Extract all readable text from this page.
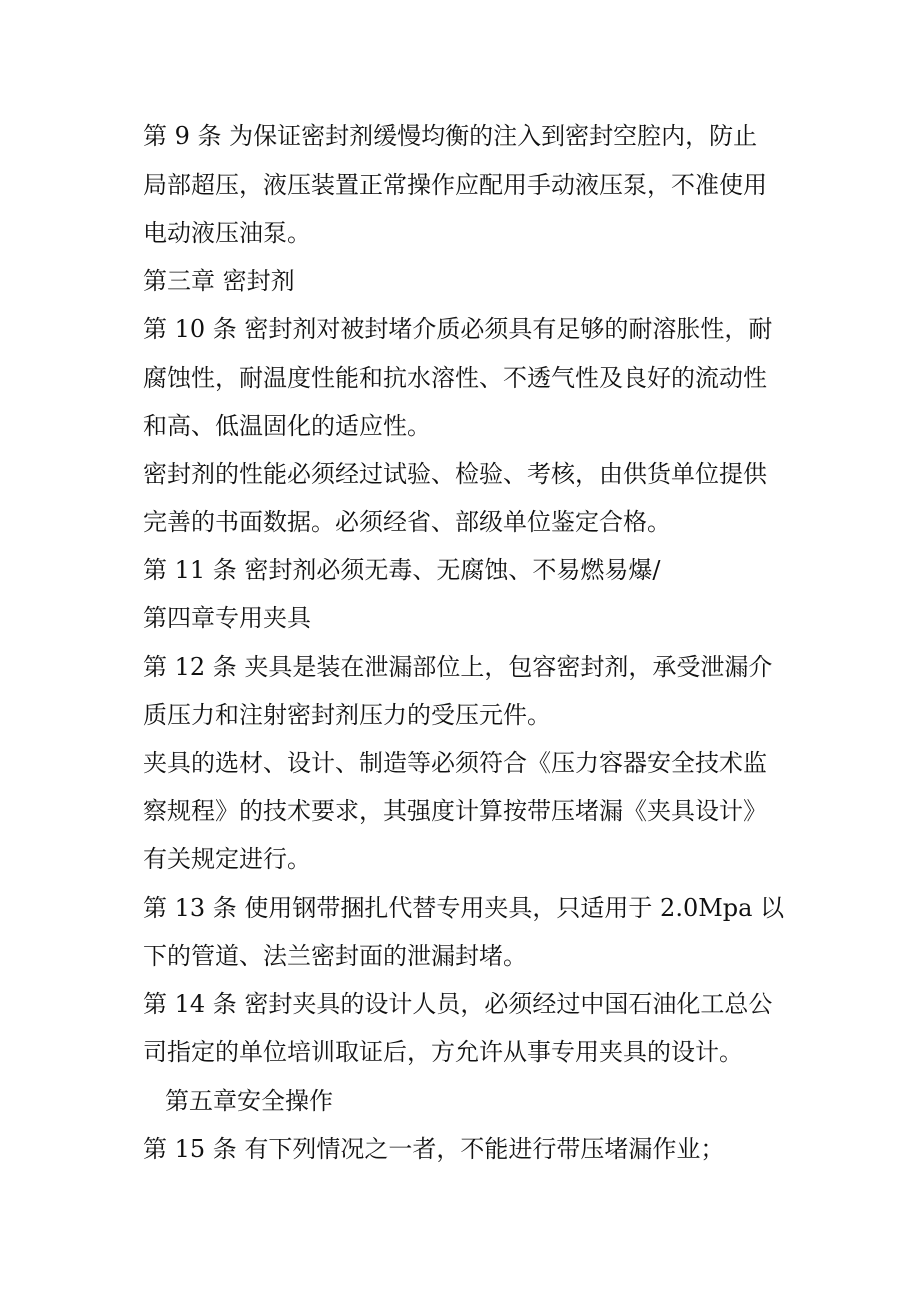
第 9 条 为保证密封剂缓慢均衡的注入到密封空腔内，防止

局部超压，液压装置正常操作应配用手动液压泵，不准使用

电动液压油泵。

第三章 密封剂

第 10 条 密封剂对被封堵介质必须具有足够的耐溶胀性，耐

腐蚀性，耐温度性能和抗水溶性、不透气性及良好的流动性

和高、低温固化的适应性。

密封剂的性能必须经过试验、检验、考核，由供货单位提供

完善的书面数据。必须经省、部级单位鉴定合格。

第 11 条 密封剂必须无毒、无腐蚀、不易燃易爆/

第四章专用夹具

第 12 条 夹具是装在泄漏部位上，包容密封剂，承受泄漏介

质压力和注射密封剂压力的受压元件。

夹具的选材、设计、制造等必须符合《压力容器安全技术监

察规程》的技术要求，其强度计算按带压堵漏《夹具设计》

有关规定进行。

第 13 条 使用钢带捆扎代替专用夹具，只适用于 2.0Mpa 以

下的管道、法兰密封面的泄漏封堵。

第 14 条 密封夹具的设计人员，必须经过中国石油化工总公

司指定的单位培训取证后，方允许从事专用夹具的设计。

第五章安全操作

第 15 条 有下列情况之一者，不能进行带压堵漏作业；
